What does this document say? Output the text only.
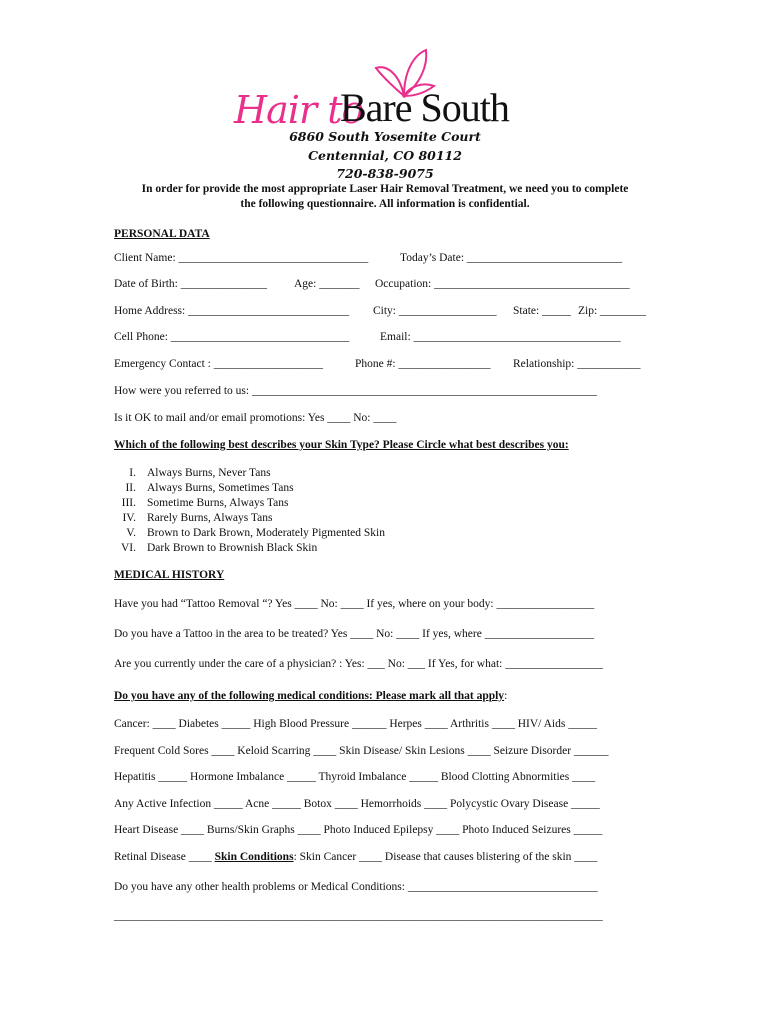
Hair to
Bare South
6860 South Yosemite Court
Centennial, CO 80112
720-838-9075
In order for provide the most appropriate Laser Hair Removal Treatment, we need you to complete
the following questionnaire. All information is confidential.
PERSONAL DATA
Client Name: _________________________________	Today’s Date: ___________________________
Date of Birth: _______________ Age: _______ Occupation: __________________________________
Home Address: ____________________________ City: _________________ State: _____ Zip: ________
Cell Phone: _______________________________	Email: ____________________________________
Emergency Contact : ___________________	Phone #: ________________ Relationship: ___________
How were you referred to us: ____________________________________________________________
Is it OK to mail and/or email promotions: Yes ____ No: ____
Which of the following best describes your Skin Type? Please Circle what best describes you:
I. Always Burns, Never Tans
II. Always Burns, Sometimes Tans
III. Sometime Burns, Always Tans
IV. Rarely Burns, Always Tans
V. Brown to Dark Brown, Moderately Pigmented Skin
VI. Dark Brown to Brownish Black Skin
MEDICAL HISTORY
Have you had “Tattoo Removal “? Yes ____ No: ____ If yes, where on your body: _________________
Do you have a Tattoo in the area to be treated? Yes ____ No: ____ If yes, where ___________________
Are you currently under the care of a physician? : Yes: ___ No: ___ If Yes, for what: _________________
Do you have any of the following medical conditions: Please mark all that apply:
Cancer: ____ Diabetes _____ High Blood Pressure ______ Herpes ____ Arthritis ____ HIV/ Aids _____
Frequent Cold Sores ____ Keloid Scarring ____ Skin Disease/ Skin Lesions ____ Seizure Disorder ______
Hepatitis _____ Hormone Imbalance _____ Thyroid Imbalance _____ Blood Clotting Abnormities ____
Any Active Infection _____ Acne _____ Botox ____ Hemorrhoids ____ Polycystic Ovary Disease _____
Heart Disease ____ Burns/Skin Graphs ____ Photo Induced Epilepsy ____ Photo Induced Seizures _____
Retinal Disease ____ Skin Conditions: Skin Cancer ____ Disease that causes blistering of the skin ____
Do you have any other health problems or Medical Conditions: _________________________________
_____________________________________________________________________________________
